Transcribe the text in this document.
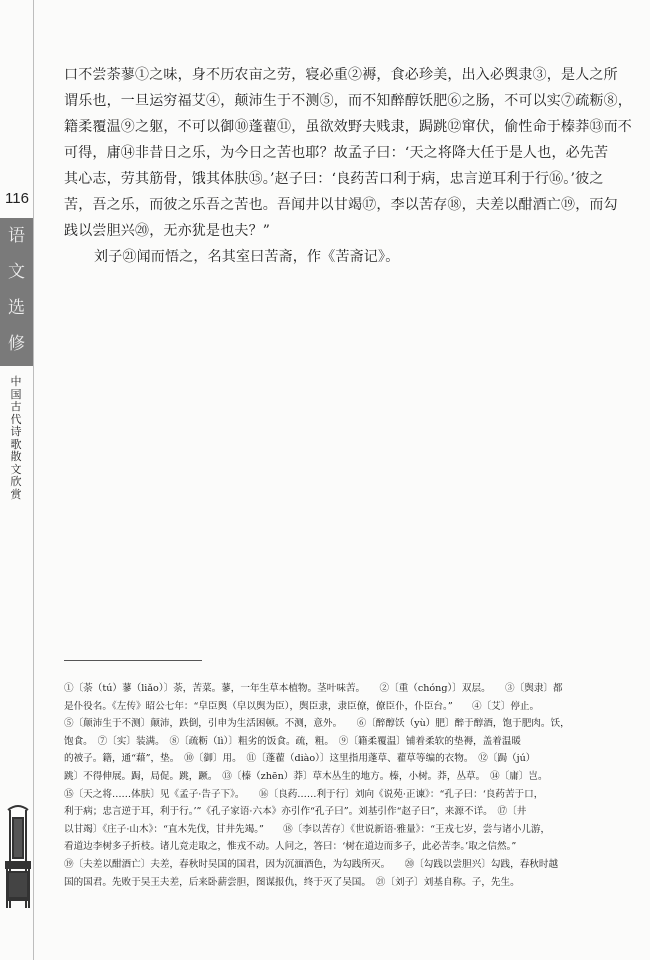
116
语
文
选
修
中国古代诗歌散文欣赏
口不尝荼蓼①之味，身不历农亩之劳，寝必重②褥，食必珍美，出入必舆隶③，是人之所
谓乐也，一旦运穷福艾④，颠沛生于不测⑤，而不知醉醇饫肥⑥之肠，不可以实⑦疏粝⑧，
籍柔覆温⑨之躯，不可以御⑩蓬藋⑪，虽欲效野夫贱隶，跼跳⑫窜伏，偷性命于榛莽⑬而不
可得，庸⑭非昔日之乐，为今日之苦也耶？故孟子曰：‘天之将降大任于是人也，必先苦
其心志，劳其筋骨，饿其体肤⑮。’赵子曰：‘良药苦口利于病，忠言逆耳利于行⑯。’彼之
苦，吾之乐，而彼之乐吾之苦也。吾闻井以甘竭⑰，李以苦存⑱，夫差以酣酒亡⑲，而勾
践以尝胆兴⑳，无亦犹是也夫？”
刘子㉑闻而悟之，名其室曰苦斋，作《苦斋记》。
①〔荼（tú）蓼（liǎo）〕荼，苦菜。蓼，一年生草本植物。茎叶味苦。　　②〔重（chóng）〕双层。　　③〔舆隶〕都
是仆役名。《左传》昭公七年：“皁臣舆（皁以舆为臣），舆臣隶，隶臣僚，僚臣仆，仆臣台。”　　④〔艾〕停止。
⑤〔颠沛生于不测〕颠沛，跌倒，引申为生活困顿。不测，意外。　　⑥〔醉醇饫（yù）肥〕醉于醇酒，饱于肥肉。饫，
饱食。　⑦〔实〕装满。　⑧〔疏粝（lì）〕粗劣的饭食。疏，粗。　⑨〔籍柔覆温〕铺着柔软的垫褥，盖着温暖
的被子。籍，通“藉”，垫。　⑩〔御〕用。　⑪〔蓬藋（diào）〕这里指用蓬草、藋草等编的衣物。　⑫〔跼（jú）
跳〕不得伸展。跼，局促。跳，蹶。　⑬〔榛（zhēn）莽〕草木丛生的地方。榛，小树。莽，丛草。　⑭〔庸〕岂。
⑮〔天之将……体肤〕见《孟子·告子下》。　　⑯〔良药……利于行〕刘向《说苑·正谏》：“孔子曰：‘良药苦于口，
利于病；忠言逆于耳，利于行。’”《孔子家语·六本》亦引作“孔子曰”。刘基引作“赵子曰”，来源不详。　⑰〔井
以甘竭〕《庄子·山木》：“直木先伐，甘井先竭。”　　⑱〔李以苦存〕《世说新语·雅量》：“王戎七岁，尝与诸小儿游，
看道边李树多子折枝。诸儿竞走取之，惟戎不动。人问之，答曰：‘树在道边而多子，此必苦李。’取之信然。”
⑲〔夫差以酣酒亡〕夫差，春秋时吴国的国君，因为沉湎酒色，为勾践所灭。　　⑳〔勾践以尝胆兴〕勾践，春秋时越
国的国君。先败于吴王夫差，后来卧薪尝胆，图谋报仇，终于灭了吴国。　㉑〔刘子〕刘基自称。子，先生。
